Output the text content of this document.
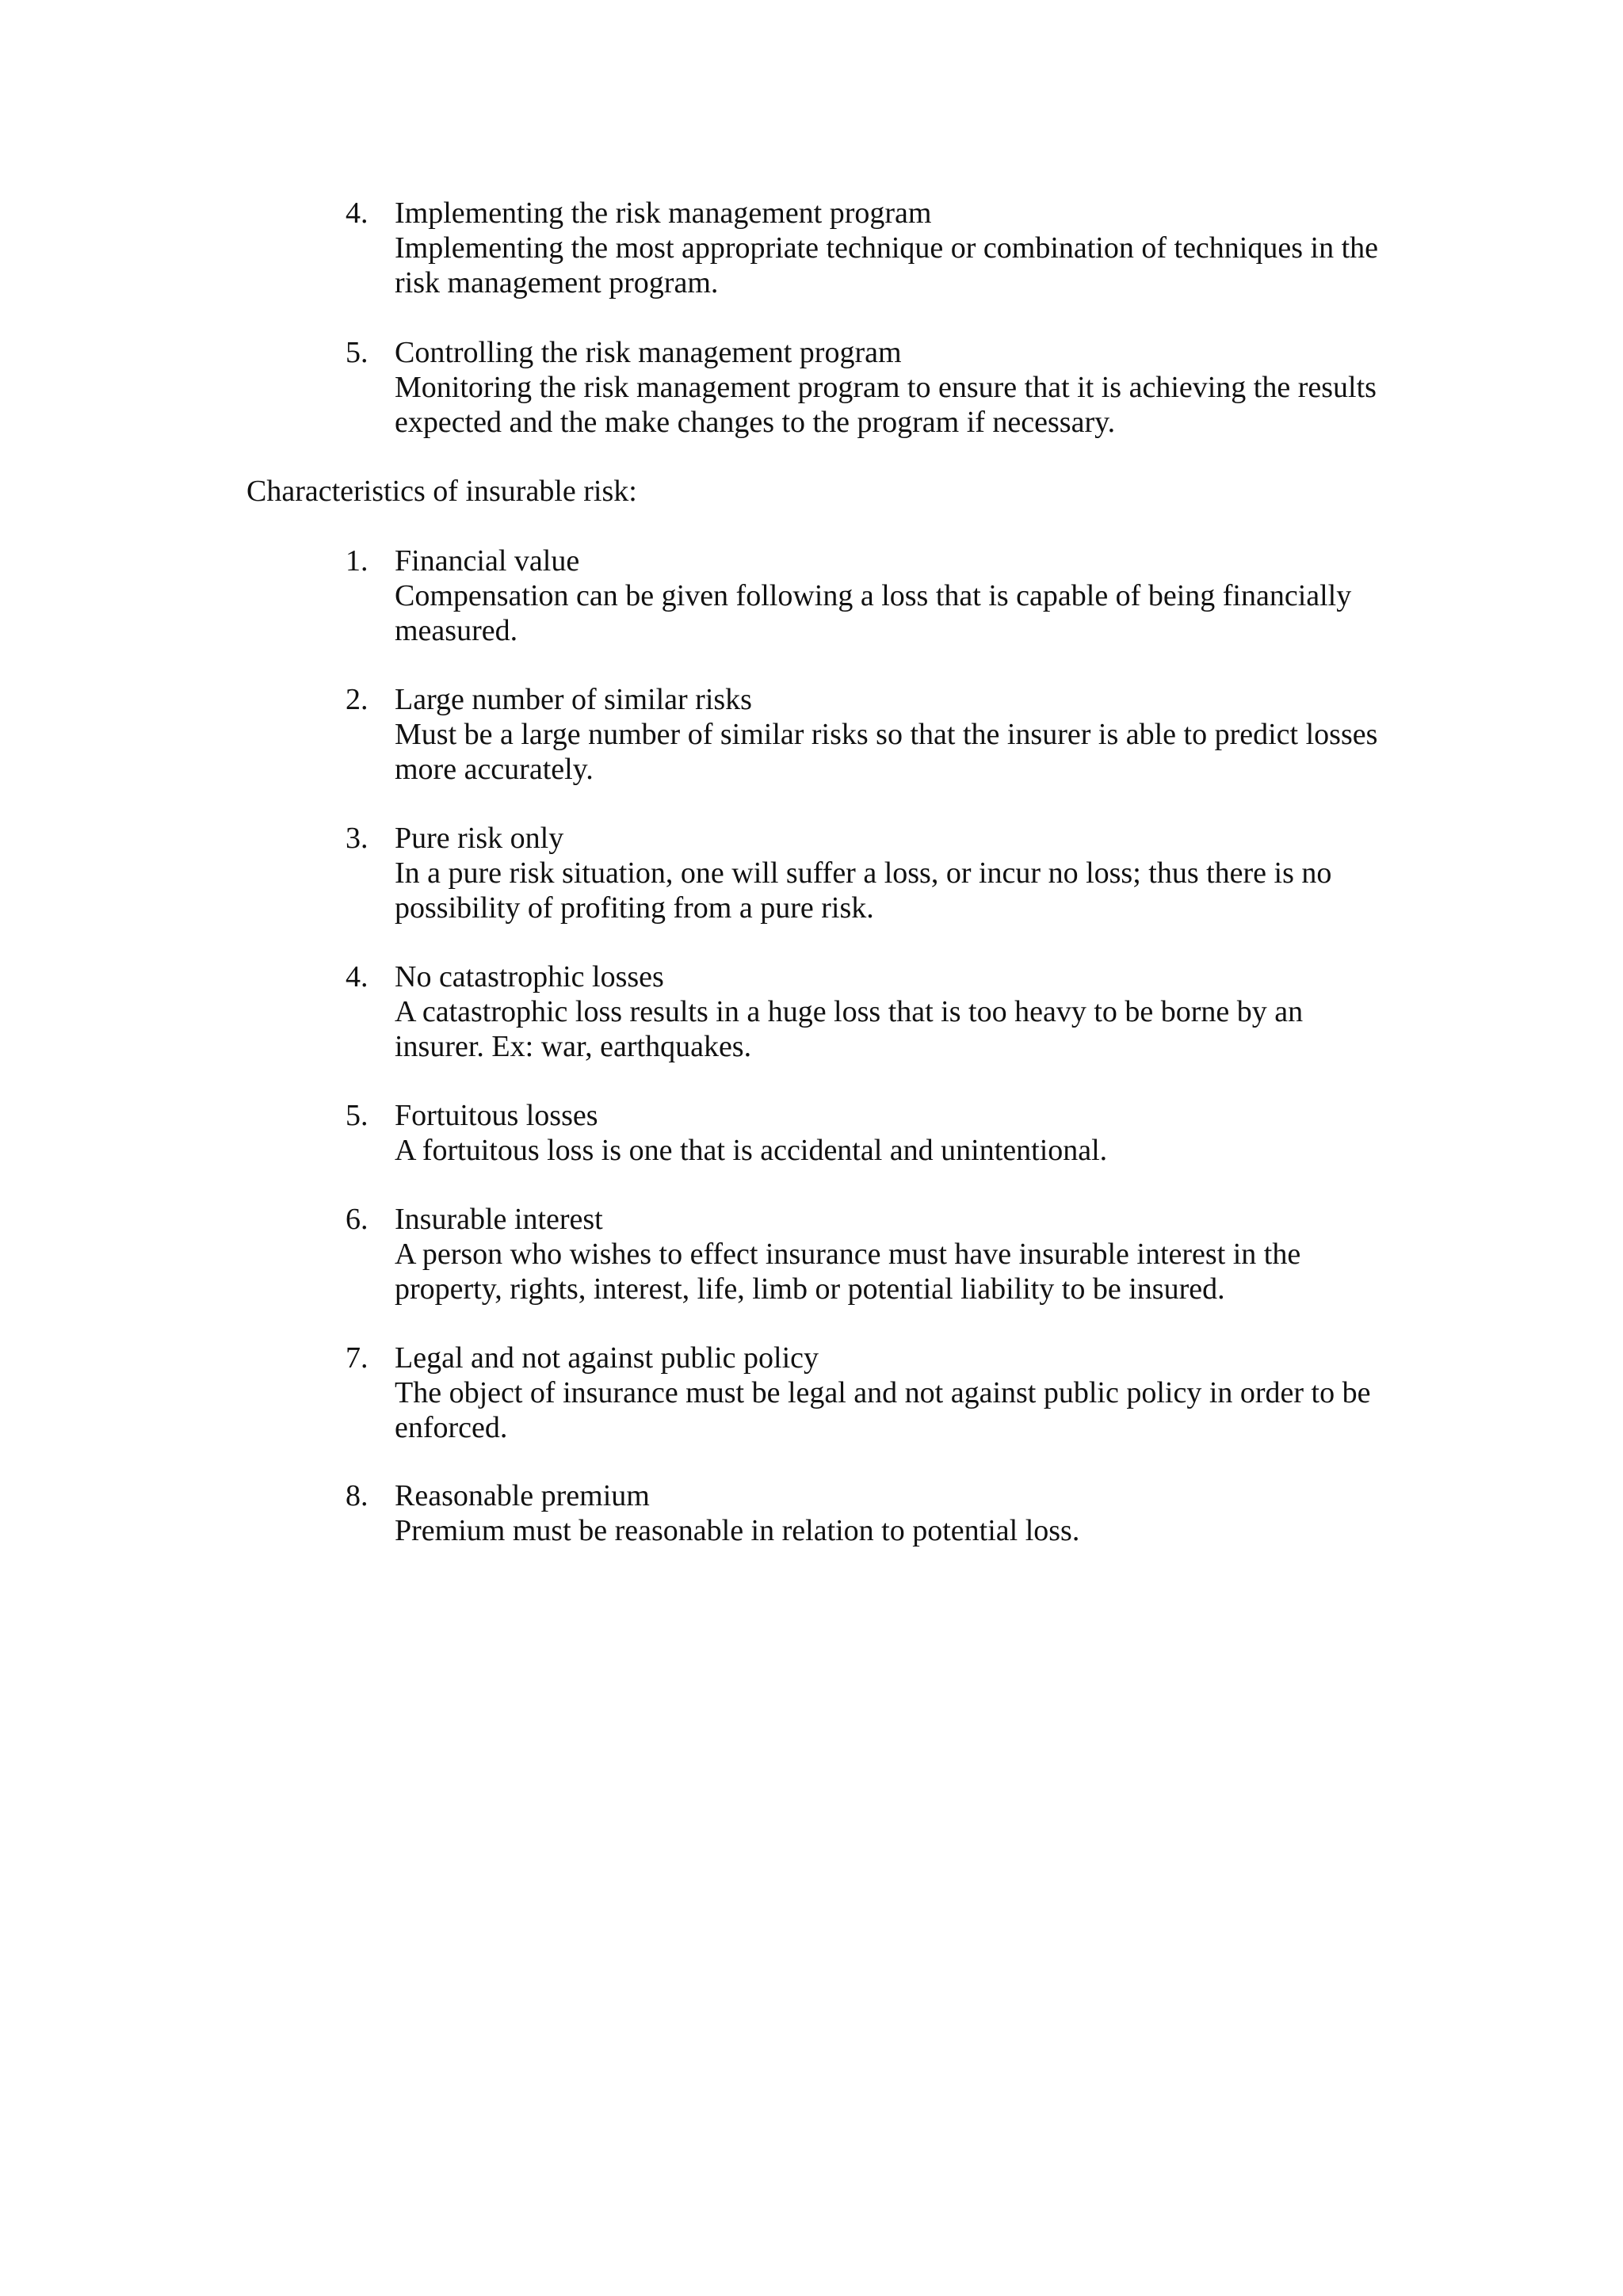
4. Implementing the risk management program
Implementing the most appropriate technique or combination of techniques in the
risk management program.
5. Controlling the risk management program
Monitoring the risk management program to ensure that it is achieving the results
expected and the make changes to the program if necessary.
Characteristics of insurable risk:
1. Financial value
Compensation can be given following a loss that is capable of being financially
measured.
2. Large number of similar risks
Must be a large number of similar risks so that the insurer is able to predict losses
more accurately.
3. Pure risk only
In a pure risk situation, one will suffer a loss, or incur no loss; thus there is no
possibility of profiting from a pure risk.
4. No catastrophic losses
A catastrophic loss results in a huge loss that is too heavy to be borne by an
insurer. Ex: war, earthquakes.
5. Fortuitous losses
A fortuitous loss is one that is accidental and unintentional.
6. Insurable interest
A person who wishes to effect insurance must have insurable interest in the
property, rights, interest, life, limb or potential liability to be insured.
7. Legal and not against public policy
The object of insurance must be legal and not against public policy in order to be
enforced.
8. Reasonable premium
Premium must be reasonable in relation to potential loss.
